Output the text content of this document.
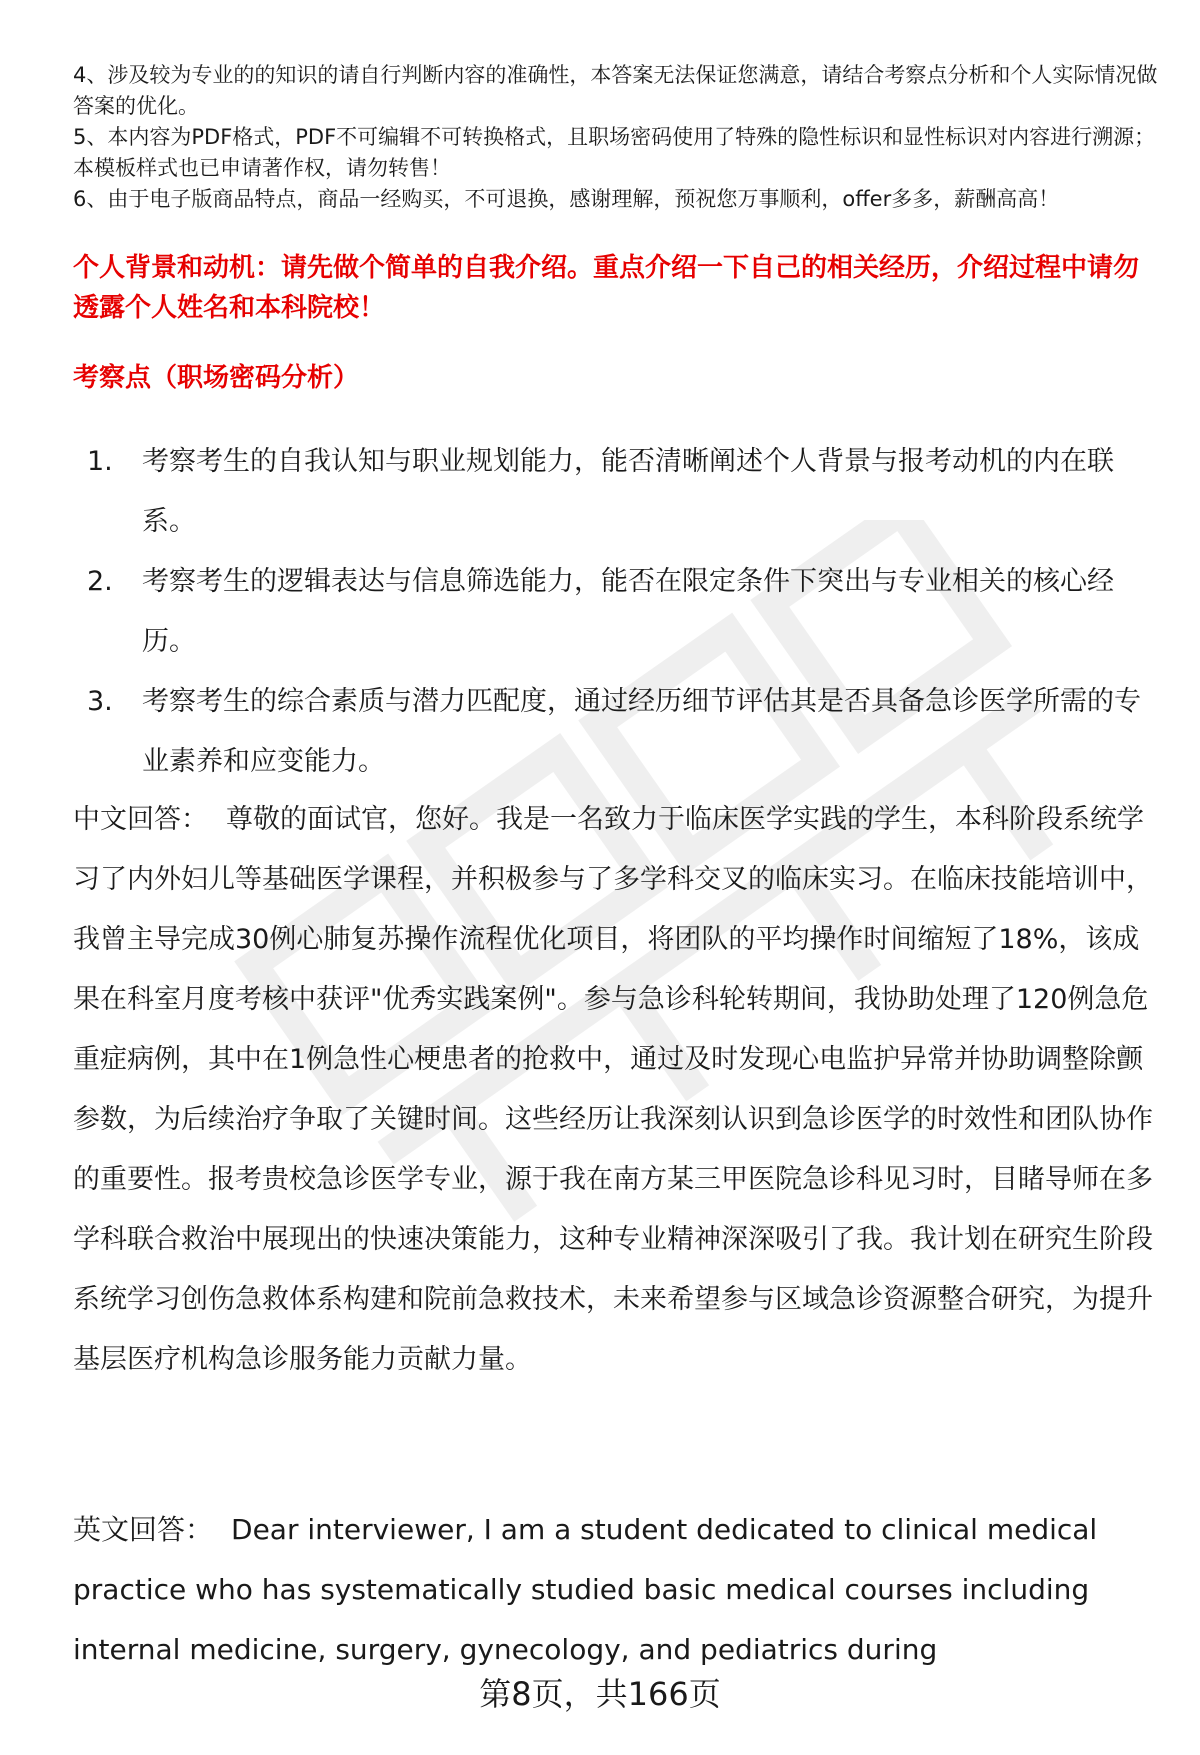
4、涉及较为专业的的知识的请自行判断内容的准确性，本答案无法保证您满意，请结合考察点分析和个人实际情况做答案的优化。

5、本内容为PDF格式，PDF不可编辑不可转换格式，且职场密码使用了特殊的隐性标识和显性标识对内容进行溯源；本模板样式也已申请著作权，请勿转售！

6、由于电子版商品特点，商品一经购买，不可退换，感谢理解，预祝您万事顺利，offer多多，薪酬高高！

个人背景和动机：请先做个简单的自我介绍。重点介绍一下自己的相关经历，介绍过程中请勿透露个人姓名和本科院校！

考察点（职场密码分析）

1.	考察考生的自我认知与职业规划能力，能否清晰阐述个人背景与报考动机的内在联系。
2.	考察考生的逻辑表达与信息筛选能力，能否在限定条件下突出与专业相关的核心经历。
3.	考察考生的综合素质与潜力匹配度，通过经历细节评估其是否具备急诊医学所需的专业素养和应变能力。

中文回答： 尊敬的面试官，您好。我是一名致力于临床医学实践的学生，本科阶段系统学习了内外妇儿等基础医学课程，并积极参与了多学科交叉的临床实习。在临床技能培训中，我曾主导完成30例心肺复苏操作流程优化项目，将团队的平均操作时间缩短了18%，该成果在科室月度考核中获评"优秀实践案例"。参与急诊科轮转期间，我协助处理了120例急危重症病例，其中在1例急性心梗患者的抢救中，通过及时发现心电监护异常并协助调整除颤参数，为后续治疗争取了关键时间。这些经历让我深刻认识到急诊医学的时效性和团队协作的重要性。报考贵校急诊医学专业，源于我在南方某三甲医院急诊科见习时，目睹导师在多学科联合救治中展现出的快速决策能力，这种专业精神深深吸引了我。我计划在研究生阶段系统学习创伤急救体系构建和院前急救技术，未来希望参与区域急诊资源整合研究，为提升基层医疗机构急诊服务能力贡献力量。

英文回答： Dear interviewer, I am a student dedicated to clinical medical practice who has systematically studied basic medical courses including internal medicine, surgery, gynecology, and pediatrics during

第8页，共166页
